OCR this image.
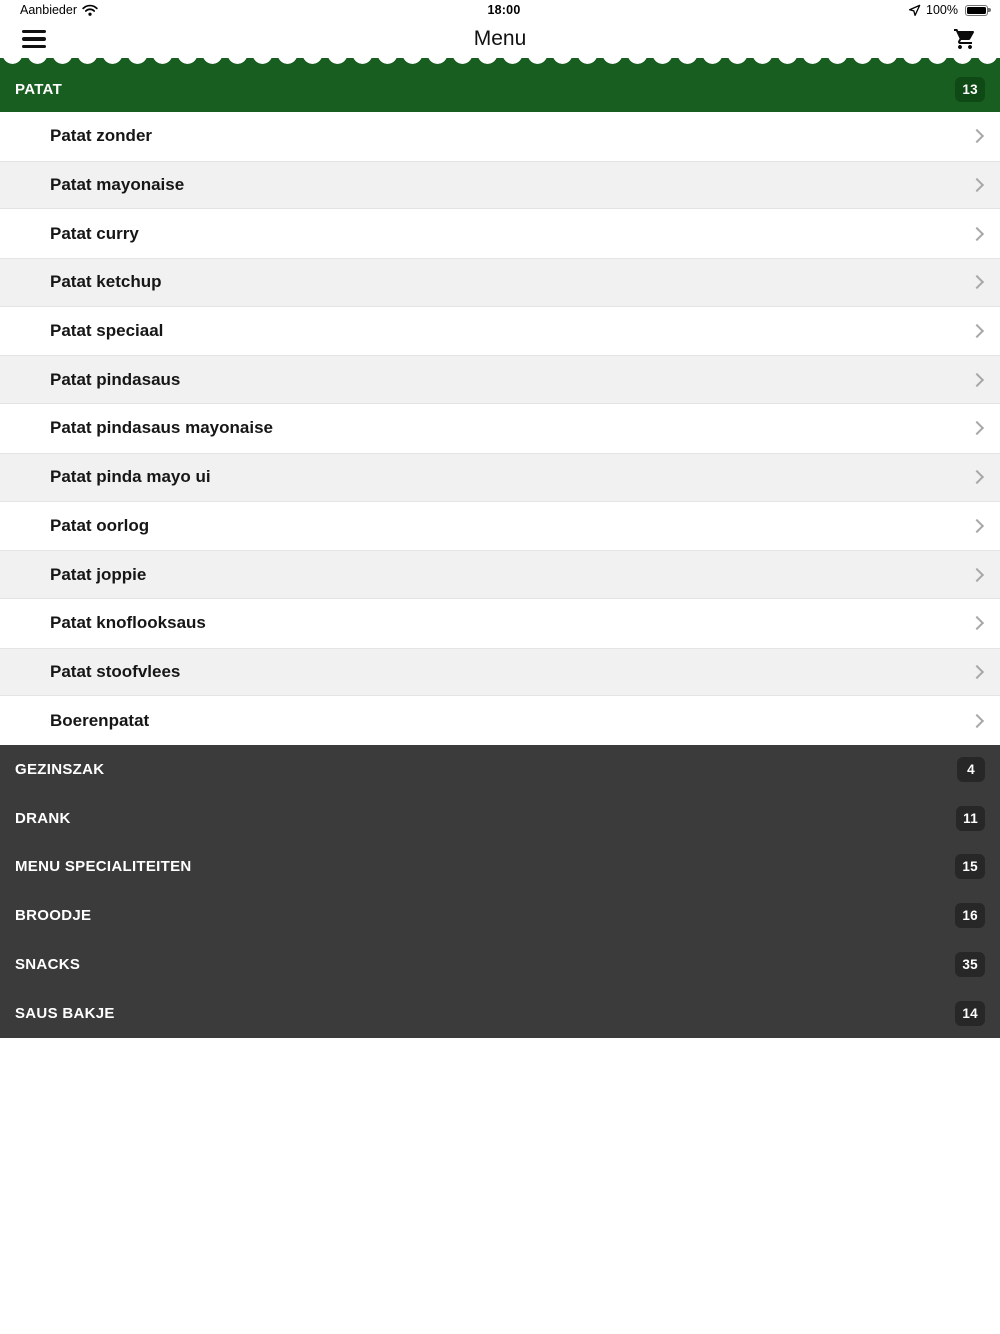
Aanbieder	18:00	100%
Menu
PATAT	13
Patat zonder
Patat mayonaise
Patat curry
Patat ketchup
Patat speciaal
Patat pindasaus
Patat pindasaus mayonaise
Patat pinda mayo ui
Patat oorlog
Patat joppie
Patat knoflooksaus
Patat stoofvlees
Boerenpatat
GEZINSZAK	4
DRANK	11
MENU SPECIALITEITEN	15
BROODJE	16
SNACKS	35
SAUS BAKJE	14
